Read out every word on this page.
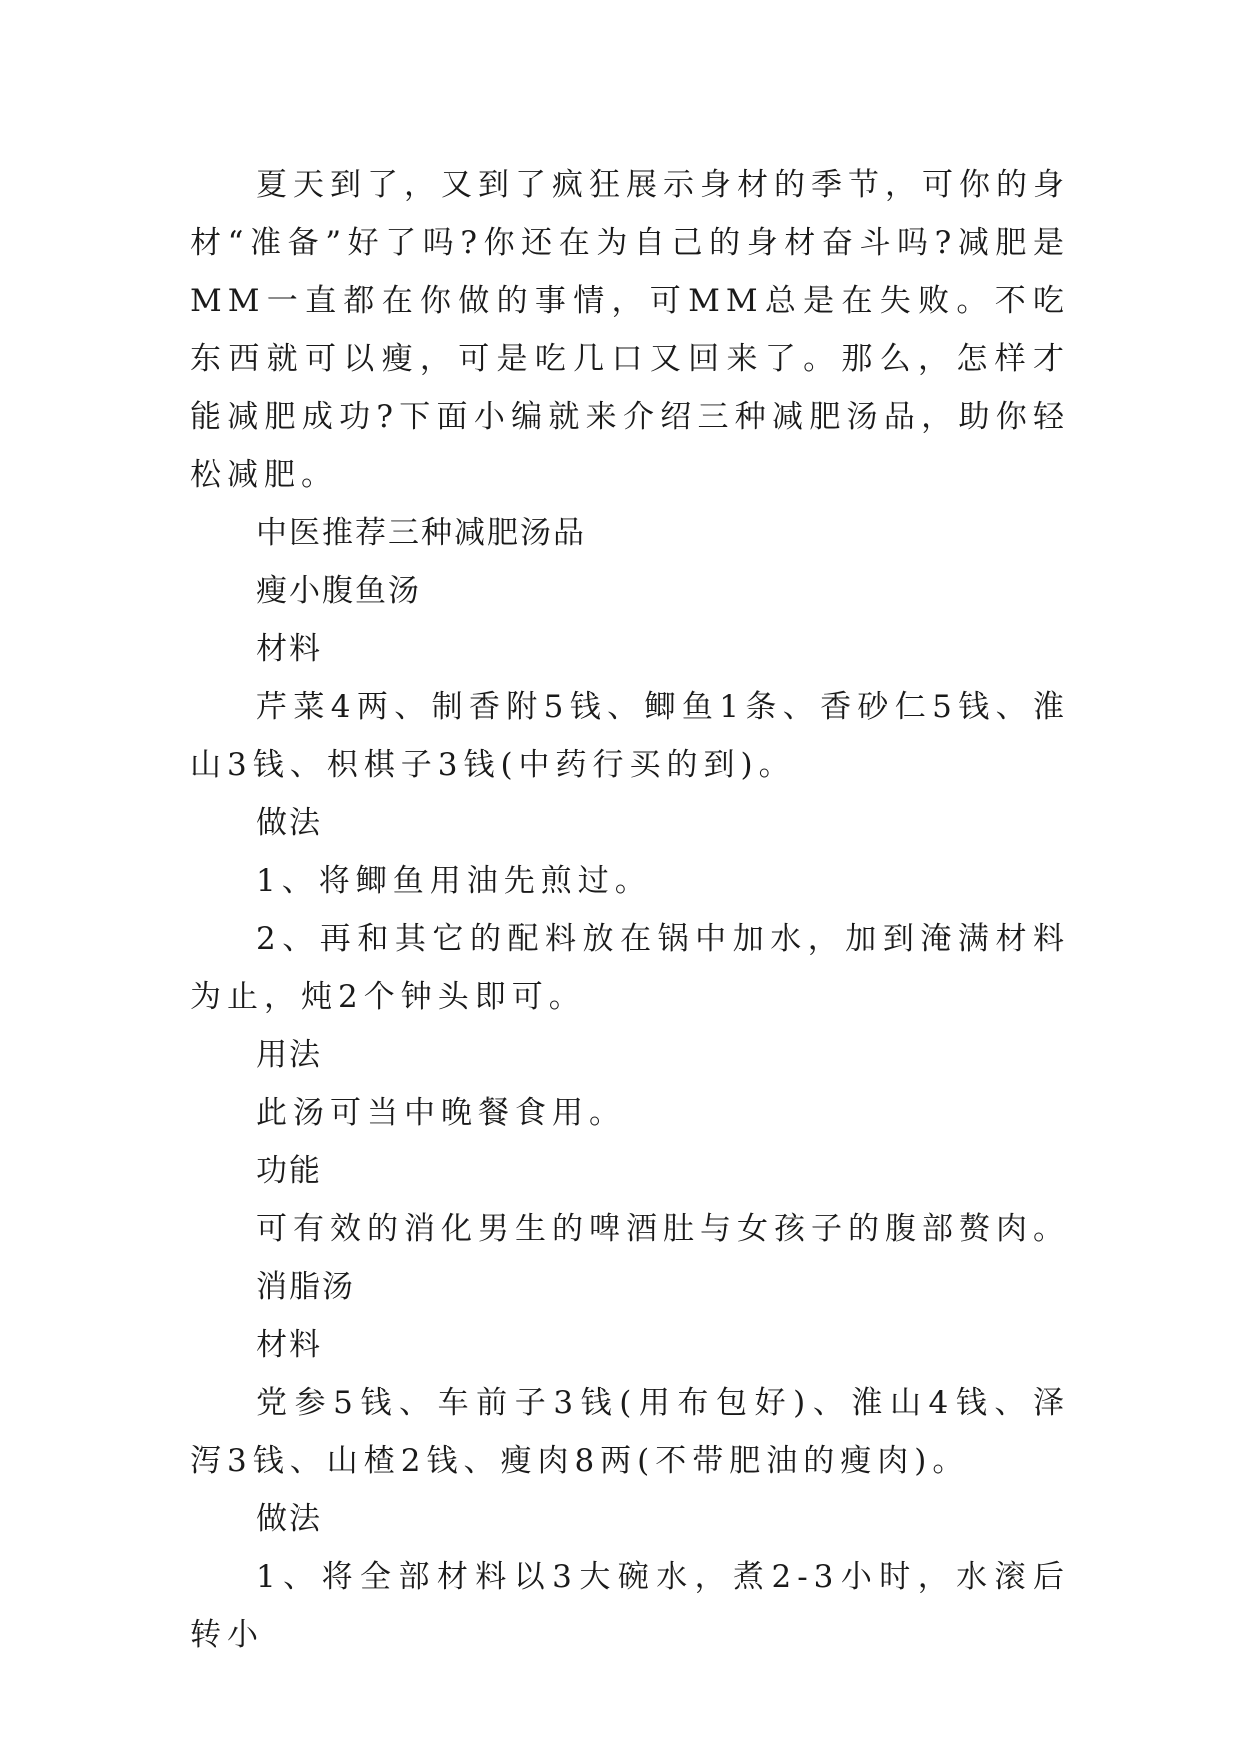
夏天到了，又到了疯狂展示身材的季节，可你的身材“准备”好了吗?你还在为自己的身材奋斗吗?减肥是MM一直都在你做的事情，可MM总是在失败。不吃东西就可以瘦，可是吃几口又回来了。那么，怎样才能减肥成功?下面小编就来介绍三种减肥汤品，助你轻松减肥。

中医推荐三种减肥汤品

瘦小腹鱼汤

材料

芹菜4两、制香附5钱、鲫鱼1条、香砂仁5钱、淮山3钱、枳棋子3钱(中药行买的到)。

做法

1、将鲫鱼用油先煎过。

2、再和其它的配料放在锅中加水，加到淹满材料为止，炖2个钟头即可。

用法

此汤可当中晚餐食用。

功能

可有效的消化男生的啤酒肚与女孩子的腹部赘肉。

消脂汤

材料

党参5钱、车前子3钱(用布包好)、淮山4钱、泽泻3钱、山楂2钱、瘦肉8两(不带肥油的瘦肉)。

做法

1、将全部材料以3大碗水，煮2-3小时，水滚后转小
